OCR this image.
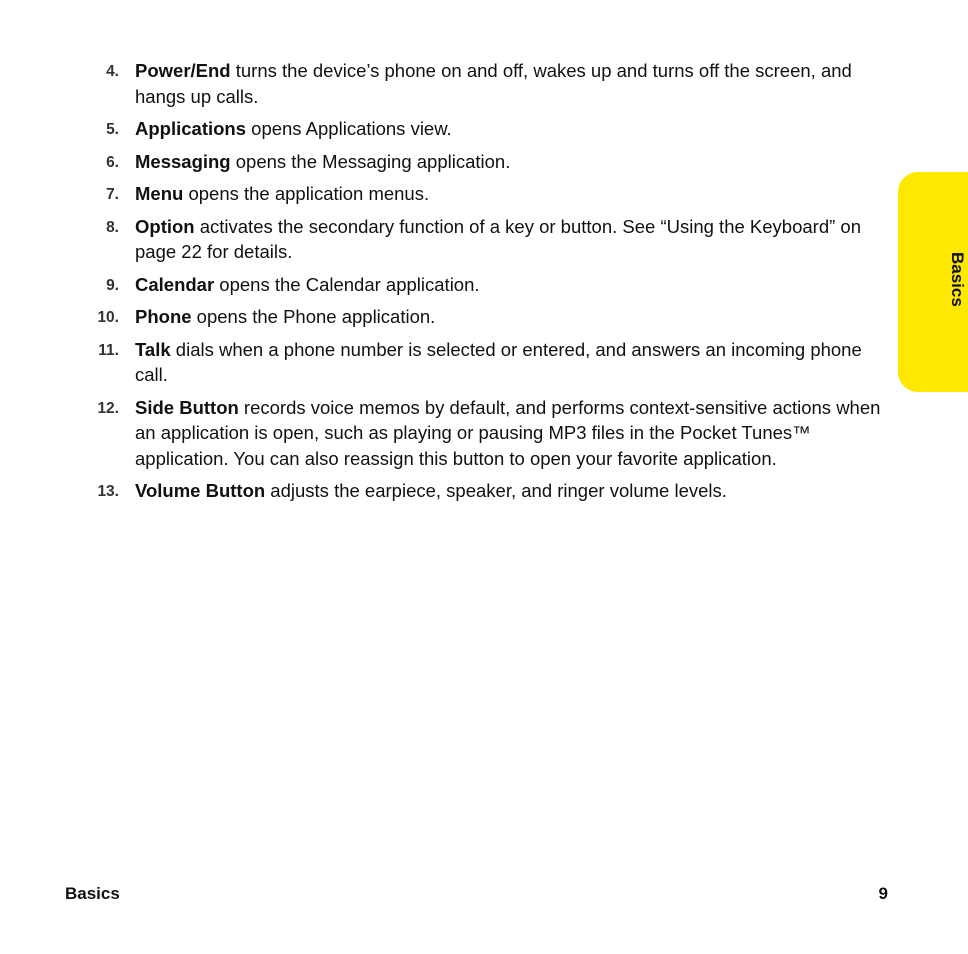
4. Power/End turns the device’s phone on and off, wakes up and turns off the screen, and hangs up calls.
5. Applications opens Applications view.
6. Messaging opens the Messaging application.
7. Menu opens the application menus.
8. Option activates the secondary function of a key or button. See “Using the Keyboard” on page 22 for details.
9. Calendar opens the Calendar application.
10. Phone opens the Phone application.
11. Talk dials when a phone number is selected or entered, and answers an incoming phone call.
12. Side Button records voice memos by default, and performs context-sensitive actions when an application is open, such as playing or pausing MP3 files in the Pocket Tunes™ application. You can also reassign this button to open your favorite application.
13. Volume Button adjusts the earpiece, speaker, and ringer volume levels.
Basics
Basics	9
